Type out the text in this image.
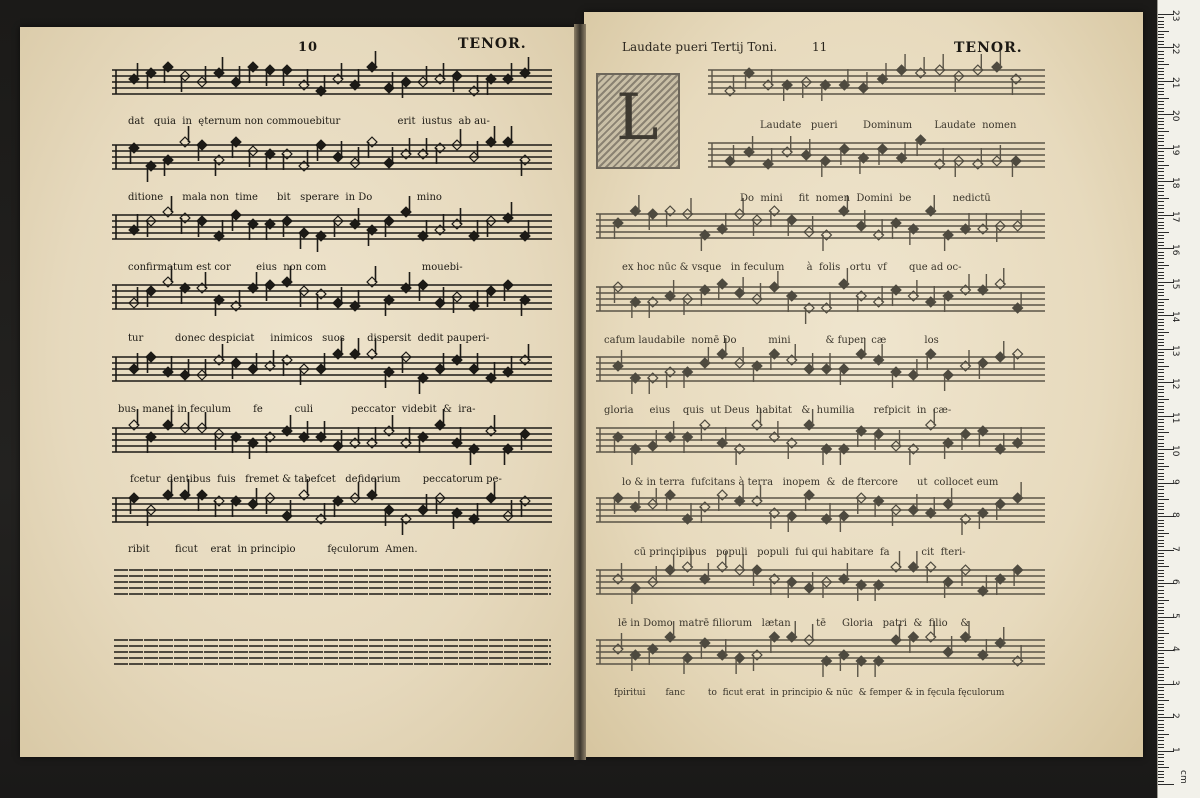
10	TENOR.	Laudate pueri Tertij Toni.	11	TENOR.
L
dat   quia  in  ęternum non commouebitur                  erit  iustus  ab au-
ditione      mala non  time      bit   sperare  in Do              mino
confirmatum est cor        eius  non com                              mouebi-
tur          donec despiciat     inimicos   suos       dispersit  dedit pauperi-
bus  manet in feculum       fe          culi            peccator  videbit  &  ira-
fcetur  dentibus  fuis   fremet & tabefcet   defiderium       peccatorum pe-
ribit        ficut    erat  in principio          fęculorum  Amen.
Laudate   pueri        Dominum       Laudate  nomen
Do  mini     fit  nomen  Domini  be             nedictū
ex hoc nūc & vsque   in feculum       à  folis   ortu  vf       que ad oc-
cafum laudabile  nomē Do          mini           & fuper  cæ            los
gloria     eius    quis  ut Deus  habitat   &  humilia      refpicit  in  cæ-
lo & in terra  fufcitans à terra   inopem  &  de ftercore      ut  collocet eum
cū principibus   populi   populi  fui qui habitare  fa          cit  fteri-
lē in Domo  matrē filiorum   lætan        tē     Gloria   patri  &  filio    &
fpiritui       fanc        to  ficut erat  in principio & nūc  & femper & in fęcula fęculorum
cm
1
2
3
4
5
6
7
8
9
10
11
12
13
14
15
16
17
18
19
20
21
22
23
